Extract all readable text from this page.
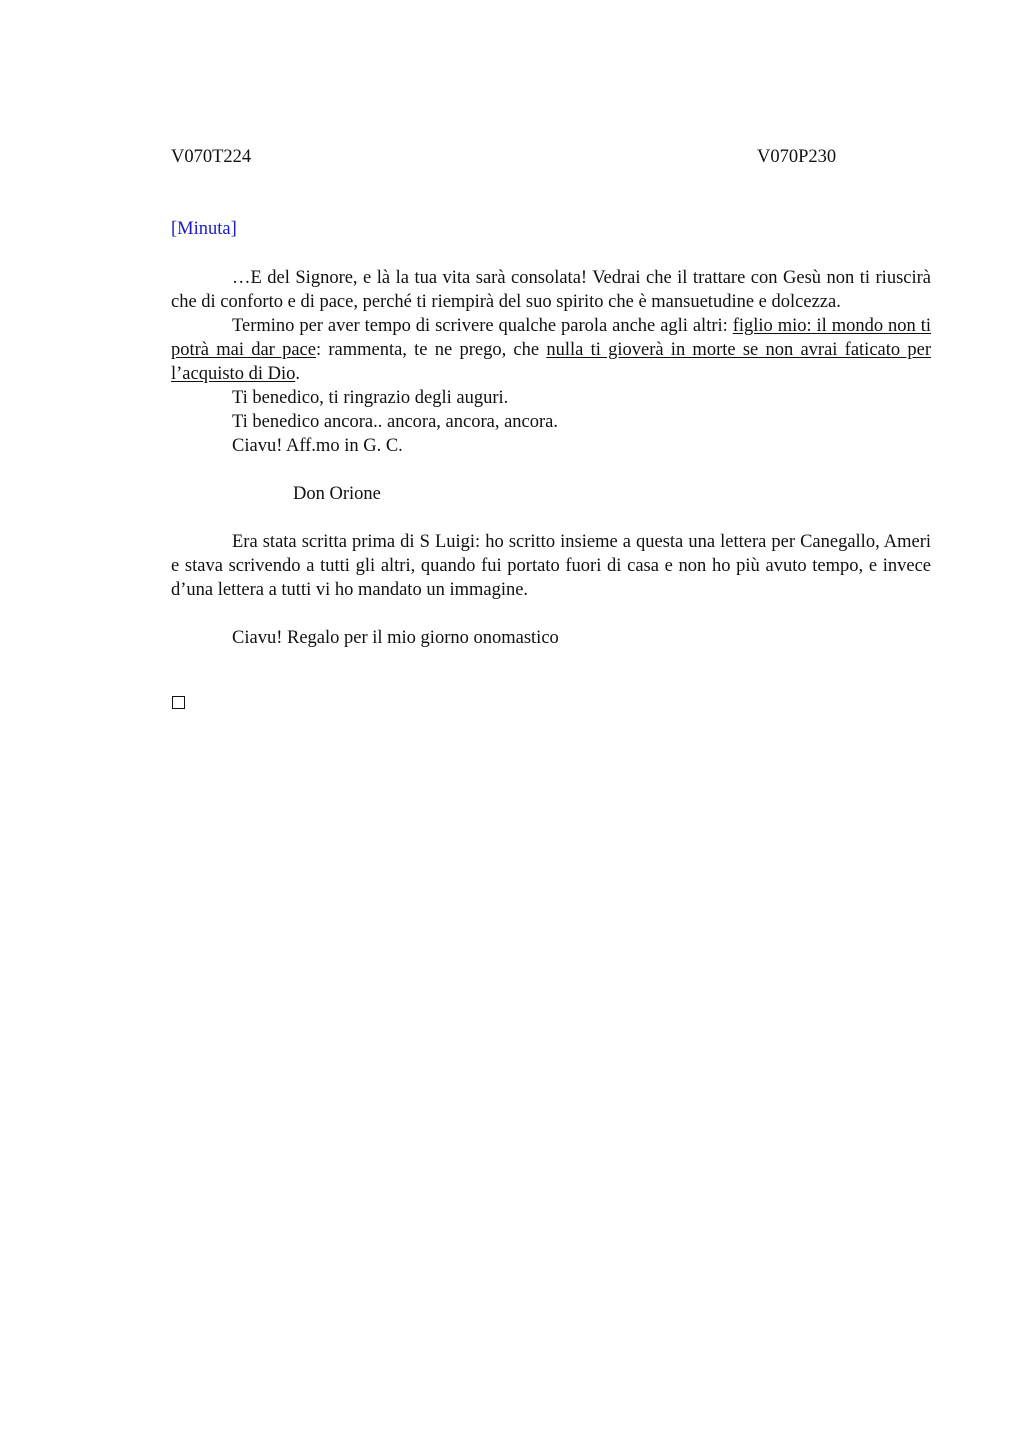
V070T224	V070P230
[Minuta]

…E del Signore, e là la tua vita sarà consolata! Vedrai che il trattare con Gesù non ti riuscirà che di conforto e di pace, perché ti riempirà del suo spirito che è mansuetudine e dolcezza.

Termino per aver tempo di scrivere qualche parola anche agli altri: figlio mio: il mondo non ti potrà mai dar pace: rammenta, te ne prego, che nulla ti gioverà in morte se non avrai faticato per l’acquisto di Dio.

Ti benedico, ti ringrazio degli auguri.

Ti benedico ancora.. ancora, ancora, ancora.

Ciavu! Aff.mo in G. C.

Don Orione

Era stata scritta prima di S Luigi: ho scritto insieme a questa una lettera per Canegallo, Ameri e stava scrivendo a tutti gli altri, quando fui portato fuori di casa e non ho più avuto tempo, e invece d’una lettera a tutti vi ho mandato un immagine.

Ciavu! Regalo per il mio giorno onomastico
